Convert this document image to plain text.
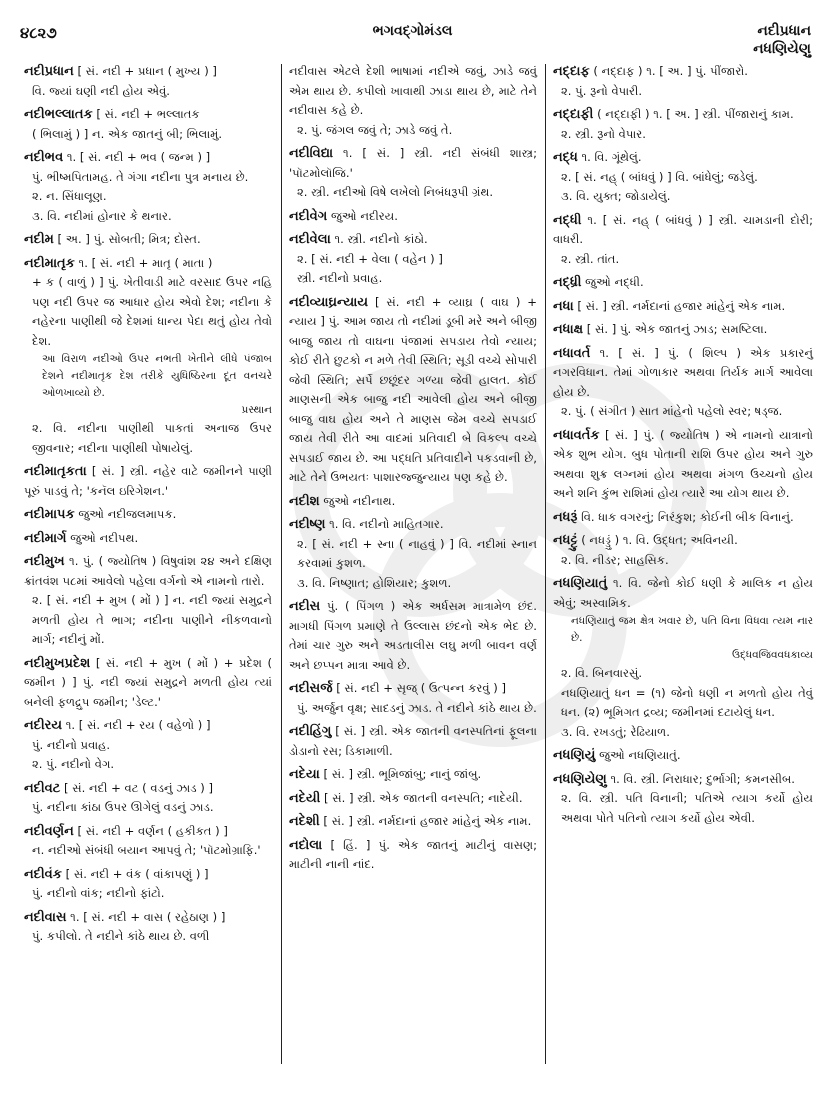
૪૮૨૭	ભગવદ્ગોમંડલ	નદીપ્રધાન
નધણિયેણુ
નદીપ્રધાન [ સં. નદી + પ્રધાન ( મુખ્ય ) ]
વિ. જ્યાં ઘણી નદી હોય એવું.
નદીભલ્લાતક [ સં. નદી + ભલ્લાતક
( ભિલામું ) ] ન. એક જાતનું બી; ભિલામું.
નદીભવ ૧. [ સં. નદી + ભવ ( જન્મ ) ]
પું. ભીષ્મપિતામહ. તે ગંગા નદીના પુત્ર મનાય છે.
૨. ન. સિંધાલૂણ.
૩. વિ. નદીમાં હોનાર કે થનાર.
નદીમ [ અ. ] પું. સોબતી; મિત્ર; દોસ્ત.
નદીમાતૃક ૧. [ સં. નદી + માતૃ ( માતા )
+ ક ( વાળું ) ] પું. ખેતીવાડી માટે વરસાદ ઉપર નહિ પણ નદી ઉપર જ આધાર હોય એવો દેશ; નદીના કે નહેરના પાણીથી જે દેશમાં ધાન્ય પેદા થતું હોય તેવો દેશ.
આ વિરાળ નદીઓ ઉપર નભતી ખેતીને લીધે પંજાબ દેશને નદીમાતૃક દેશ તરીકે યુધિષ્ઠિરના દૂત વનચરે ઓળખાવ્યો છે.
પ્રસ્થાન
૨. વિ. નદીના પાણીથી પાકતાં અનાજ ઉપર જીવનાર; નદીના પાણીથી પોષાયેલું.
નદીમાતૃકતા [ સં. ] સ્ત્રી. નહેર વાટે જમીનને પાણી પૂરું પાડવું તે; 'કનૅલ ઇરિગેશન.'
નદીમાપક જુઓ નદીજલમાપક.
નદીમાર્ગ જુઓ નદીપથ.
નદીમુખ ૧. પું. ( જ્યોતિષ ) વિષુવાંશ ૨૪ અને દક્ષિણ ક્રાંતવંશ ૫૮માં આવેલો પહેલા વર્ગનો એ નામનો તારો.
૨. [ સં. નદી + મુખ ( મોં ) ] ન. નદી જ્યાં સમુદ્રને મળતી હોય તે ભાગ; નદીના પાણીને નીકળવાનો માર્ગ; નદીનું મોં.
નદીમુખપ્રદેશ [ સં. નદી + મુખ ( મોં ) + પ્રદેશ ( જમીન ) ] પું. નદી જ્યાં સમુદ્રને મળતી હોય ત્યાં બનેલી ફળદ્રુપ જમીન; 'ડેલ્ટ.'
નદીરય ૧. [ સં. નદી + રય ( વહેળો ) ]
પું. નદીનો પ્રવાહ.
૨. પું. નદીનો વેગ.
નદીવટ [ સં. નદી + વટ ( વડનું ઝાડ ) ]
પું. નદીના કાંઠા ઉપર ઊગેલું વડનું ઝાડ.
નદીવર્ણન [ સં. નદી + વર્ણન ( હકીકત ) ]
ન. નદીઓ સંબંધી બયાન આપવું તે; 'પૉટમોગ્રાફિ.'
નદીવંક [ સં. નદી + વંક ( વાંકાપણું ) ]
પું. નદીનો વાંક; નદીનો ફાંટો.
નદીવાસ ૧. [ સં. નદી + વાસ ( રહેઠાણ ) ]
પું. કપીલો. તે નદીને કાંઠે થાય છે. વળી
નદીવાસ એટલે દેશી ભાષામાં નદીએ જવું, ઝાડે જવું એમ થાય છે. કપીલો ખાવાથી ઝાડા થાય છે, માટે તેને નદીવાસ કહે છે.
૨. પું. જંગલ જવું તે; ઝાડે જવું તે.
નદીવિદ્યા ૧. [ સં. ] સ્ત્રી. નદી સંબંધી શાસ્ત્ર; 'પૉટમોલૉજિ.'
૨. સ્ત્રી. નદીઓ વિષે લખેલો નિબંધરૂપી ગ્રંથ.
નદીવેગ જુઓ નદીરય.
નદીવેલા ૧. સ્ત્રી. નદીનો કાંઠો.
૨. [ સં. નદી + વેલા ( વહેન ) ]
સ્ત્રી. નદીનો પ્રવાહ.
નદીવ્યાઘ્રન્યાય [ સં. નદી + વ્યાઘ્ર ( વાઘ ) + ન્યાય ] પું. આમ જાય તો નદીમાં ડૂબી મરે અને બીજી બાજુ જાય તો વાઘના પંજામાં સપડાય તેવો ન્યાય; કોઈ રીતે છુટકો ન મળે તેવી સ્થિતિ; સૂડી વચ્ચે સોપારી જેવી સ્થિતિ; સર્પે છછૂંદર ગળ્યા જેવી હાલત. કોઈ માણસની એક બાજુ નદી આવેલી હોય અને બીજી બાજુ વાઘ હોય અને તે માણસ જેમ વચ્ચે સપડાઈ જાય તેવી રીતે આ વાદમાં પ્રતિવાદી બે વિકલ્પ વચ્ચે સપડાઈ જાય છે. આ પદ્ધતિ પ્રતિવાદીને પકડવાની છે, માટે તેને ઉભયતઃ પાશારજ્જુન્યાય પણ કહે છે.
નદીશ જુઓ નદીનાથ.
નદીષ્ણ ૧. વિ. નદીનો માહિતગાર.
૨. [ સં. નદી + સ્ના ( નાહવું ) ] વિ. નદીમાં સ્નાન કરવામાં કુશળ.
૩. વિ. નિષ્ણાત; હોશિયાર; કુશળ.
નદીસ પું. ( પિંગળ ) એક અર્ધસમ માત્રામેળ છંદ. માગધી પિંગળ પ્રમાણે તે ઉલ્લાસ છંદનો એક ભેદ છે. તેમાં ચાર ગુરુ અને અડતાલીસ લઘુ મળી બાવન વર્ણ અને છપ્પન માત્રા આવે છે.
નદીસર્જ [ સં. નદી + સૃજ્ ( ઉત્પન્ન કરવું ) ]
પું. અર્જુન વૃક્ષ; સાદડનું ઝાડ. તે નદીને કાંઠે થાય છે.
નદીહિંગુ [ સં. ] સ્ત્રી. એક જાતની વનસ્પતિનાં ફૂલના ડોડાનો રસ; ડિકામાળી.
નદેયા [ સં. ] સ્ત્રી. ભૂમિજાંબુ; નાનું જાંબુ.
નદેયી [ સં. ] સ્ત્રી. એક જાતની વનસ્પતિ; નાદેયી.
નદેશી [ સં. ] સ્ત્રી. નર્મદાનાં હજાર માંહેનું એક નામ.
નદોલા [ હિં. ] પું. એક જાતનું માટીનું વાસણ; માટીની નાની નાંદ.
નદ્દાફ ( નદ્દાફ ) ૧. [ અ. ] પું. પીંજારો.
૨. પું. રૂનો વેપારી.
નદ્દાફી ( નદ્દાફી ) ૧. [ અ. ] સ્ત્રી. પીંજારાનું કામ.
૨. સ્ત્રી. રૂનો વેપાર.
નદ્ધ ૧. વિ. ગૂંથેલું.
૨. [ સં. નહ્ ( બાંધવું ) ] વિ. બાંધેલું; જડેલું.
૩. વિ. યુક્ત; જોડાયેલું.
નદ્ધી ૧. [ સં. નહ્ ( બાંધવું ) ] સ્ત્રી. ચામડાની દોરી; વાધરી.
૨. સ્ત્રી. તાંત.
નદ્ધ્રી જુઓ નદ્ધી.
નધા [ સં. ] સ્ત્રી. નર્મદાનાં હજાર માંહેનું એક નામ.
નધાક્ષ [ સં. ] પું. એક જાતનું ઝાડ; સમષ્ટિલા.
નધાવર્ત ૧. [ સં. ] પું. ( શિલ્પ ) એક પ્રકારનું નગરવિધાન. તેમાં ગોળાકાર અથવા તિર્યક માર્ગ આવેલા હોય છે.
૨. પું. ( સંગીત ) સાત માંહેનો પહેલો સ્વર; ષડ્જ.
નધાવર્તક [ સં. ] પું. ( જ્યોતિષ ) એ નામનો યાત્રાનો એક શુભ યોગ. બુધ પોતાની રાશિ ઉપર હોય અને ગુરુ અથવા શુક્ર લગ્નમાં હોય અથવા મંગળ ઉચ્ચનો હોય અને શનિ કુંભ રાશિમાં હોય ત્યારે આ યોગ થાય છે.
નધરૂં વિ. ધાક વગરનું; નિરંકુશ; કોઈની બીક વિનાનું.
નધટ્ટું ( નધડ્ડું ) ૧. વિ. ઉદ્ધત; અવિનયી.
૨. વિ. નીડર; સાહસિક.
નધણિયાતું ૧. વિ. જેનો કોઈ ધણી કે માલિક ન હોય એવું; અસ્વામિક.
નધણિયાતું જમ ક્ષેત્ર ખવાર છે, પતિ વિના વિધવા ત્યમ નાર છે.
ઉદ્ધવજિવવધકાવ્ય
૨. વિ. બિનવારસું.
નધણિયાતું ધન = (૧) જેનો ધણી ન મળતો હોય તેવું ધન. (૨) ભૂમિગત દ્રવ્ય; જમીનમાં દટાયેલું ધન.
૩. વિ. રખડતું; રેઢિયાળ.
નધણિયું જુઓ નધણિયાતું.
નધણિયેણુ ૧. વિ. સ્ત્રી. નિરાધાર; દુર્ભાગી; કમનસીબ.
૨. વિ. સ્ત્રી. પતિ વિનાની; પતિએ ત્યાગ કર્યો હોય અથવા પોતે પતિનો ત્યાગ કર્યો હોય એવી.
